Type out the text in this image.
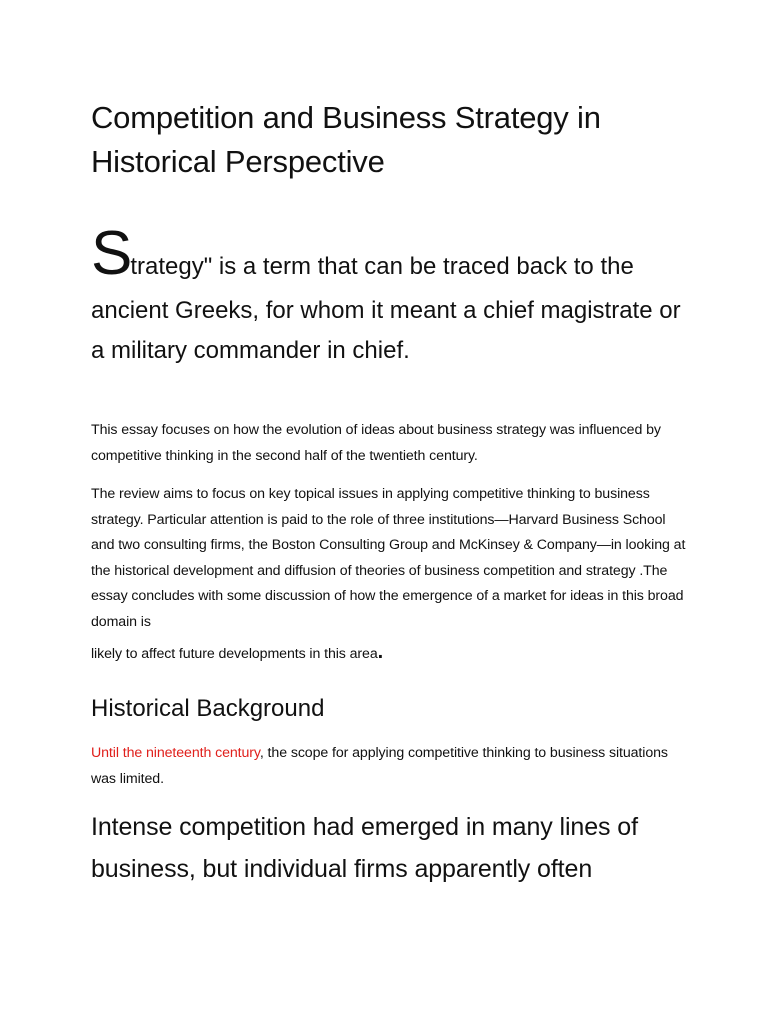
Competition and Business Strategy in Historical Perspective

Strategy" is a term that can be traced back to the
ancient Greeks, for whom it meant a chief magistrate or a military commander in chief.

This essay focuses on how the evolution of ideas about business strategy was influenced by competitive thinking in the second half of the twentieth century.

The review aims to focus on key topical issues in applying competitive thinking to business strategy. Particular attention is paid to the role of three institutions—Harvard Business School and two consulting firms, the Boston Consulting Group and McKinsey & Company—in looking at the historical development and diffusion of theories of business competition and strategy .The essay concludes with some discussion of how the emergence of a market for ideas in this broad domain is
likely to affect future developments in this area.

Historical Background

Until the nineteenth century, the scope for applying competitive thinking to business situations was limited.

Intense competition had emerged in many lines of business, but individual firms apparently often
